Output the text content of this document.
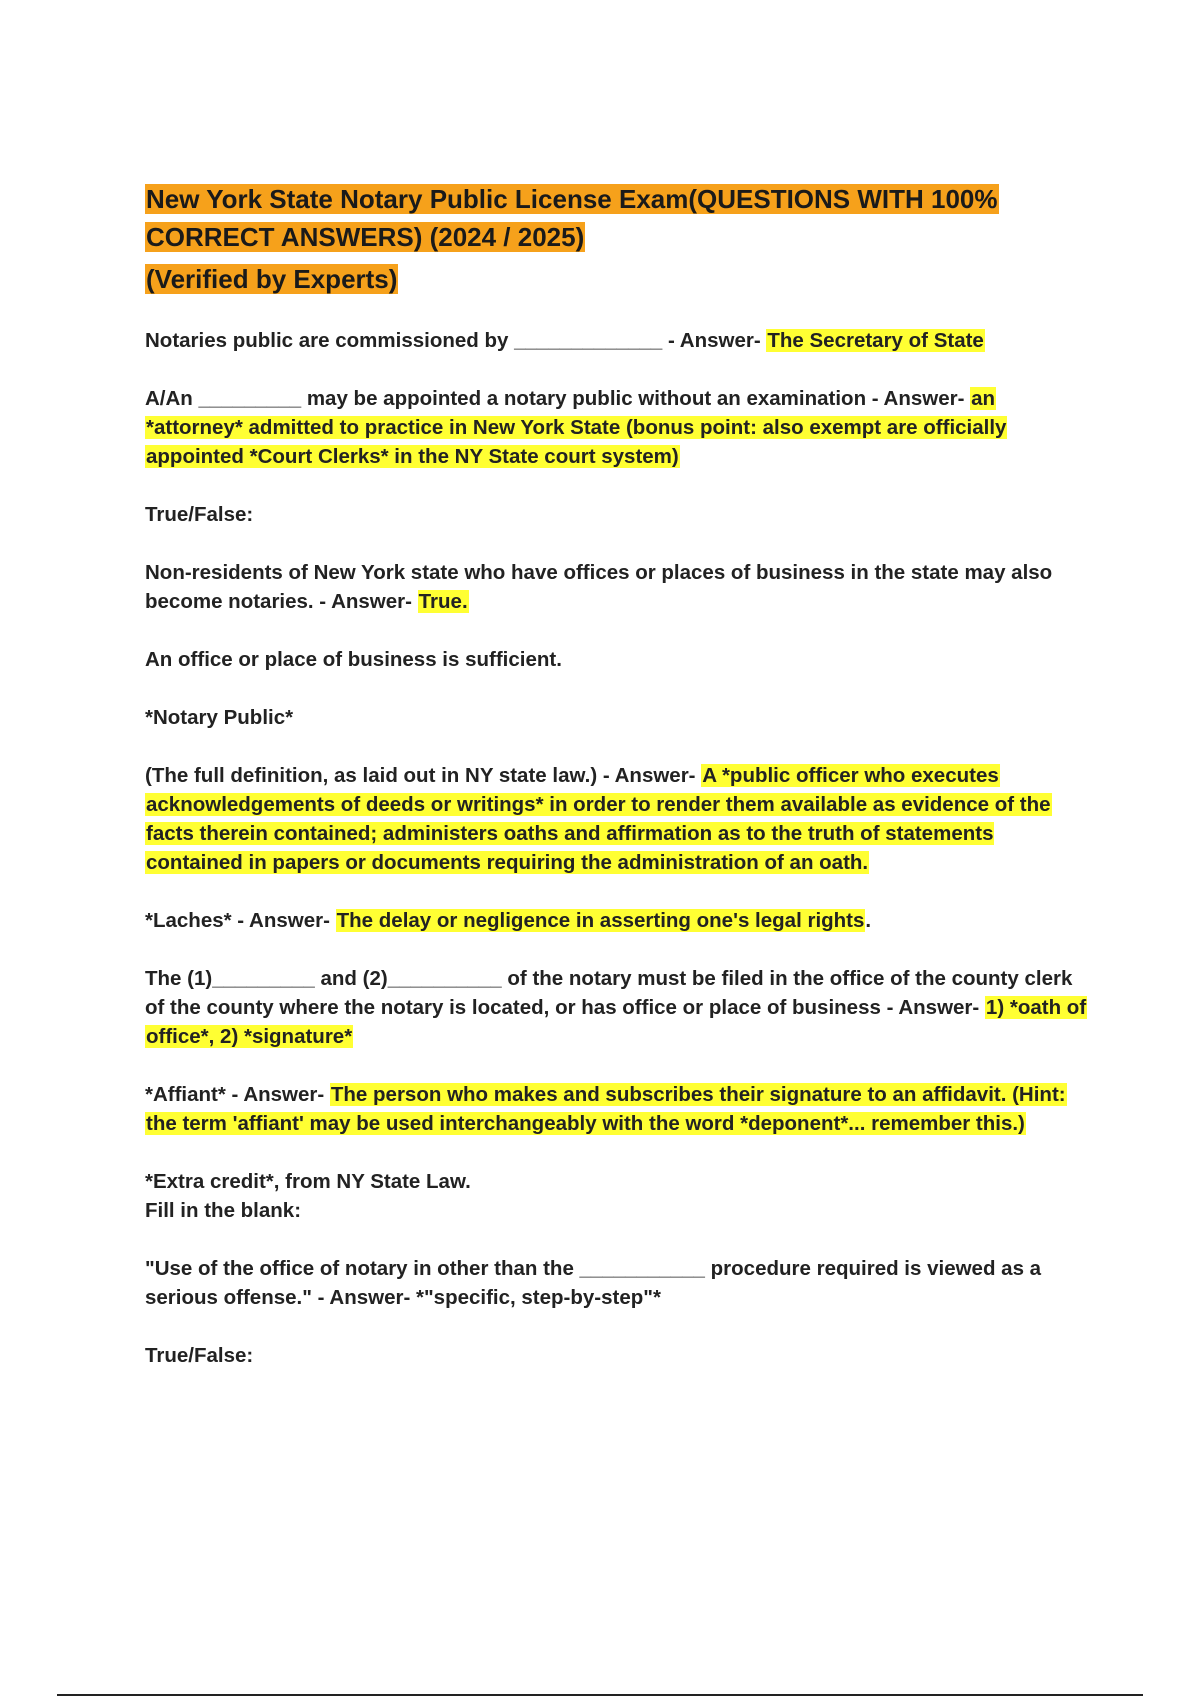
New York State Notary Public License Exam(QUESTIONS WITH 100%

CORRECT ANSWERS) (2024 / 2025)

(Verified by Experts)

Notaries public are commissioned by _____________ - Answer- The Secretary of State

A/An _________ may be appointed a notary public without an examination - Answer- an *attorney* admitted to practice in New York State (bonus point: also exempt are officially appointed *Court Clerks* in the NY State court system)

True/False:

Non-residents of New York state who have offices or places of business in the state may also become notaries. - Answer- True.

An office or place of business is sufficient.

*Notary Public*

(The full definition, as laid out in NY state law.) - Answer- A *public officer who executes acknowledgements of deeds or writings* in order to render them available as evidence of the facts therein contained; administers oaths and affirmation as to the truth of statements contained in papers or documents requiring the administration of an oath.

*Laches* - Answer- The delay or negligence in asserting one's legal rights.

The (1)_________ and (2)__________ of the notary must be filed in the office of the county clerk of the county where the notary is located, or has office or place of business - Answer- 1) *oath of office*, 2) *signature*

*Affiant* - Answer- The person who makes and subscribes their signature to an affidavit. (Hint: the term 'affiant' may be used interchangeably with the word *deponent*... remember this.)

*Extra credit*, from NY State Law.
Fill in the blank:

"Use of the office of notary in other than the ___________ procedure required is viewed as a serious offense." - Answer- *"specific, step-by-step"*

True/False:
